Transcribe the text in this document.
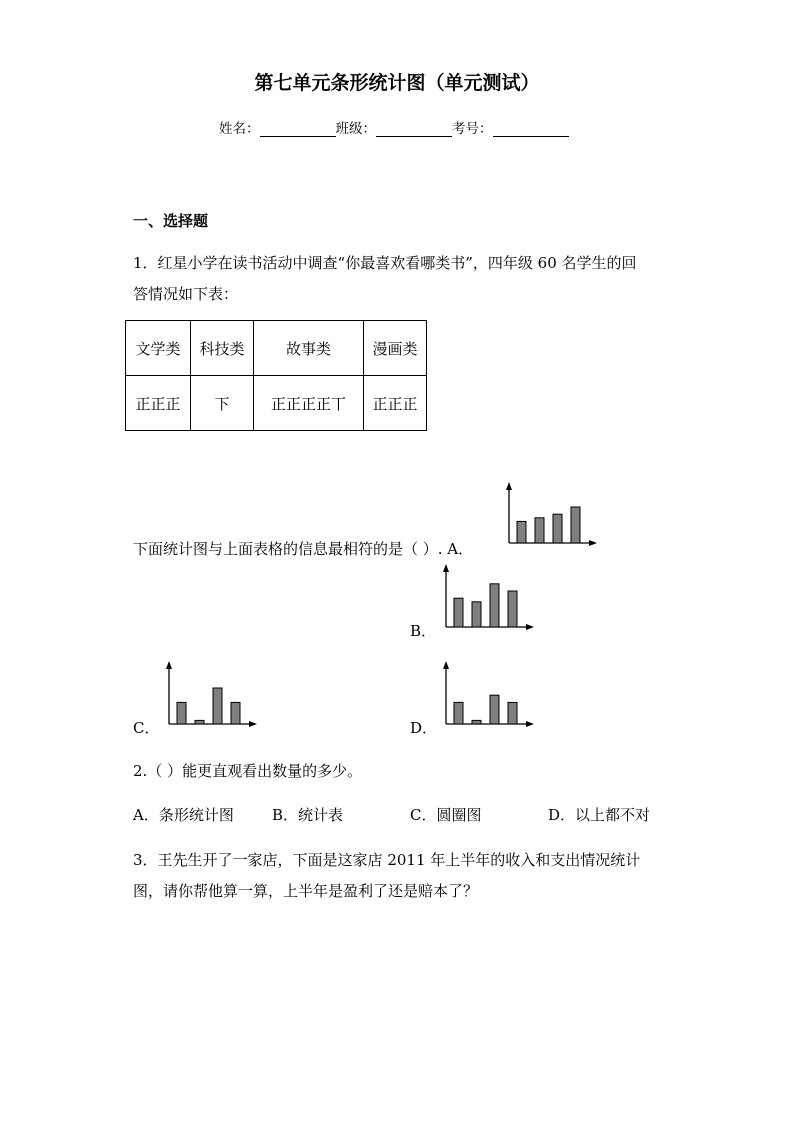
第七单元条形统计图（单元测试）
姓名：	班级：	考号：
一、选择题
1．红星小学在读书活动中调查“你最喜欢看哪类书”，四年级 60 名学生的回
答情况如下表：
文学类	科技类	故事类	漫画类
正正正	下	正正正正丅	正正正
下面统计图与上面表格的信息最相符的是（ ）. A．
B．
C．	D．
2.（ ）能更直观看出数量的多少。
A．条形统计图	B．统计表	C．圆圈图	D．以上都不对
3．王先生开了一家店，下面是这家店 2011 年上半年的收入和支出情况统计
图，请你帮他算一算，上半年是盈利了还是赔本了？
